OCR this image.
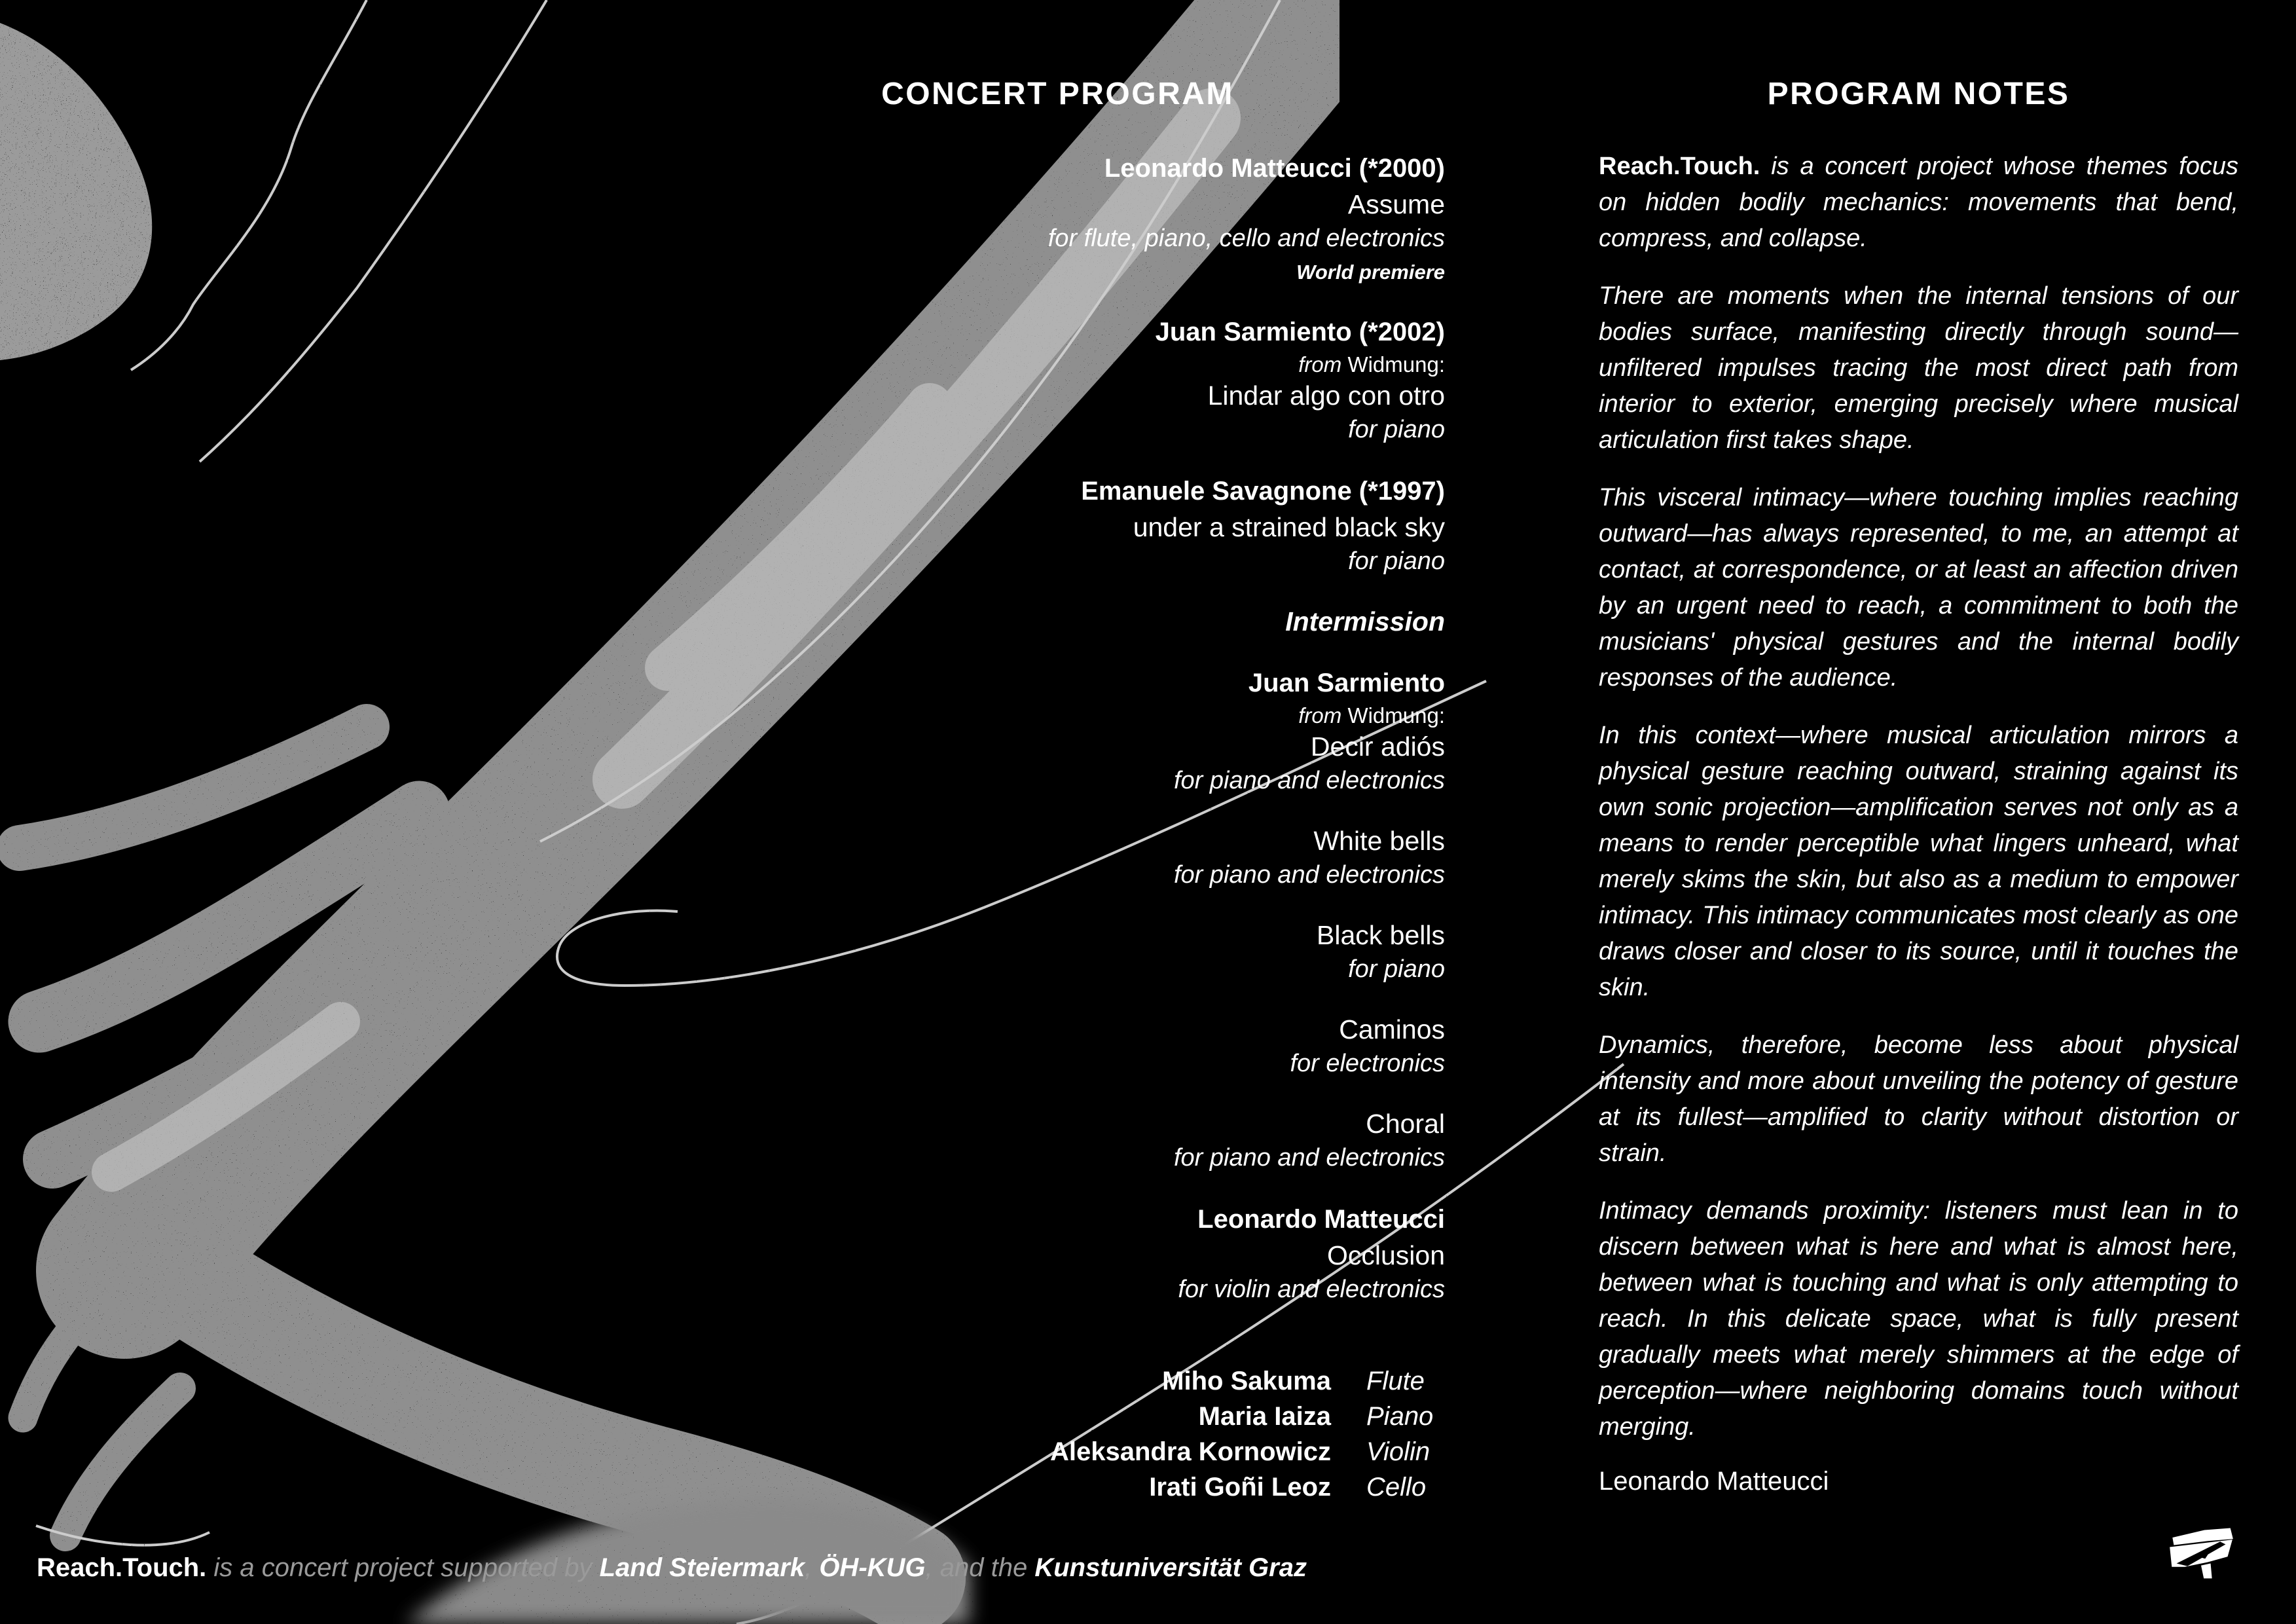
CONCERT PROGRAM
Leonardo Matteucci (*2000)
Assume
for flute, piano, cello and electronics
World premiere
Juan Sarmiento (*2002)
from Widmung:
Lindar algo con otro
for piano
Emanuele Savagnone (*1997)
under a strained black sky
for piano
Intermission
Juan Sarmiento
from Widmung:
Decir adiós
for piano and electronics
White bells
for piano and electronics
Black bells
for piano
Caminos
for electronics
Choral
for piano and electronics
Leonardo Matteucci
Occlusion
for violin and electronics
Miho Sakuma Flute
Maria Iaiza Piano
Aleksandra Kornowicz Violin
Irati Goñi Leoz Cello
PROGRAM NOTES

Reach.Touch. is a concert project whose themes focus on hidden bodily mechanics: movements that bend, compress, and collapse.

There are moments when the internal tensions of our bodies surface, manifesting directly through sound—unfiltered impulses tracing the most direct path from interior to exterior, emerging precisely where musical articulation first takes shape.

This visceral intimacy—where touching implies reaching outward—has always represented, to me, an attempt at contact, at correspondence, or at least an affection driven by an urgent need to reach, a commitment to both the musicians' physical gestures and the internal bodily responses of the audience.

In this context—where musical articulation mirrors a physical gesture reaching outward, straining against its own sonic projection—amplification serves not only as a means to render perceptible what lingers unheard, what merely skims the skin, but also as a medium to empower intimacy. This intimacy communicates most clearly as one draws closer and closer to its source, until it touches the skin.

Dynamics, therefore, become less about physical intensity and more about unveiling the potency of gesture at its fullest—amplified to clarity without distortion or strain.

Intimacy demands proximity: listeners must lean in to discern between what is here and what is almost here, between what is touching and what is only attempting to reach. In this delicate space, what is fully present gradually meets what merely shimmers at the edge of perception—where neighboring domains touch without merging.

Leonardo Matteucci
Reach.Touch. is a concert project supported by Land Steiermark, ÖH-KUG, and the Kunstuniversität Graz
